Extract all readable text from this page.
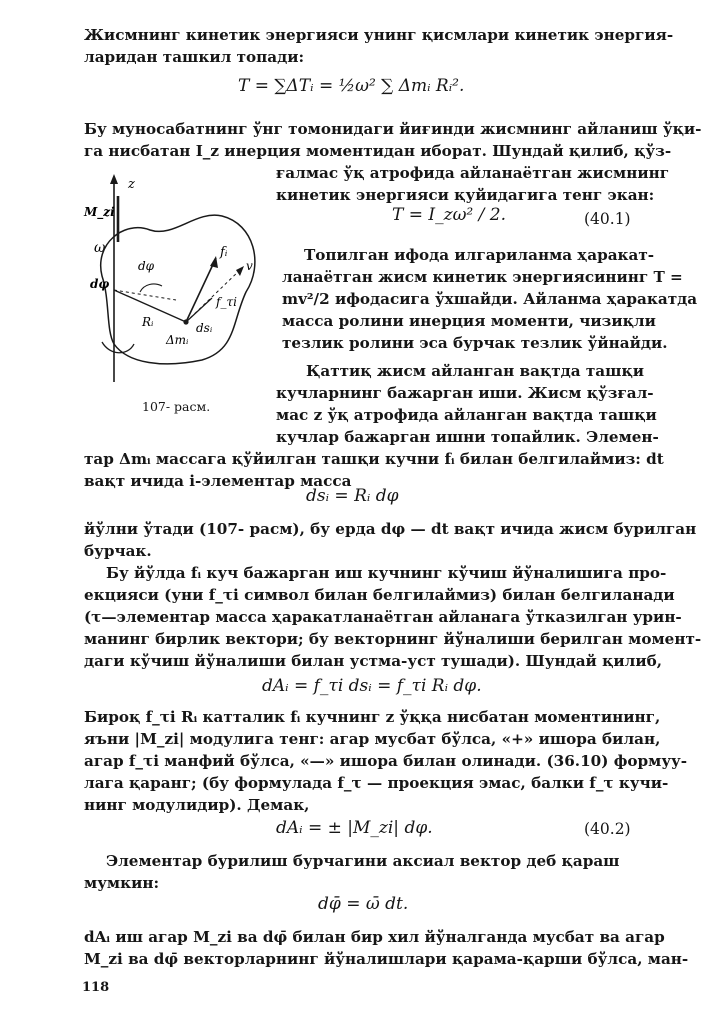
Жисмнинг кинетик энергияси унинг қисмлари кинетик энергия-
ларидан ташкил топади:
T = ∑ΔTᵢ = ½ω² ∑ Δmᵢ Rᵢ².
Бу муносабатнинг ўнг томонидаги йиғинди жисмнинг айланиш ўқи-
га нисбатан I_z инерция моментидан иборат. Шундай қилиб, қўз-
ғалмас ўқ атрофида айланаётган жисмнинг
кинетик энергияси қуйидагига тенг экан:
T = I_zω² / 2.	(40.1)
z
M_zi
ω
dφ
dφ
Rᵢ
fᵢ
v
f_τi
dsᵢ
Δmᵢ
107- расм.
Топилган ифода илгариланма ҳаракат-
ланаётган жисм кинетик энергиясининг T =
mv²/2 ифодасига ўхшайди. Айланма ҳаракатда
масса ролини инерция моменти, чизиқли
тезлик ролини эса бурчак тезлик ўйнайди.
Қаттиқ жисм айланган вақтда ташқи
кучларнинг бажарган иши. Жисм қўзғал-
мас z ўқ атрофида айланган вақтда ташқи
кучлар бажарган ишни топайлик. Элемен-
тар Δmᵢ массага қўйилган ташқи кучни fᵢ билан белгилаймиз: dt
вақт ичида i-элементар масса
dsᵢ = Rᵢ dφ
йўлни ўтади (107- расм), бу ерда dφ — dt вақт ичида жисм бурилган
бурчак.
Бу йўлда fᵢ куч бажарган иш кучнинг кўчиш йўналишига про-
екцияси (уни f_τi символ билан белгилаймиз) билан белгиланади
(τ—элементар масса ҳаракатланаётган айланага ўтказилган урин-
манинг бирлик вектори; бу векторнинг йўналиши берилган момент-
даги кўчиш йўналиши билан устма-уст тушади). Шундай қилиб,
dAᵢ = f_τi dsᵢ = f_τi Rᵢ dφ.
Бироқ f_τi Rᵢ катталик fᵢ кучнинг z ўққа нисбатан моментининг,
яъни |M_zi| модулига тенг: агар мусбат бўлса, «+» ишора билан,
агар f_τi манфий бўлса, «—» ишора билан олинади. (36.10) формуу-
лага қаранг; (бу формулада f_τ — проекция эмас, балки f_τ кучи-
нинг модулидир). Демак,
dAᵢ = ± |M_zi| dφ.	(40.2)
Элементар бурилиш бурчагини аксиал вектор деб қараш
мумкин:
dφ̄ = ω̄ dt.
dAᵢ иш агар M_zi ва dφ̄ билан бир хил йўналганда мусбат ва агар
M_zi ва dφ̄ векторларнинг йўналишлари қарама-қарши бўлса, ман-
118
